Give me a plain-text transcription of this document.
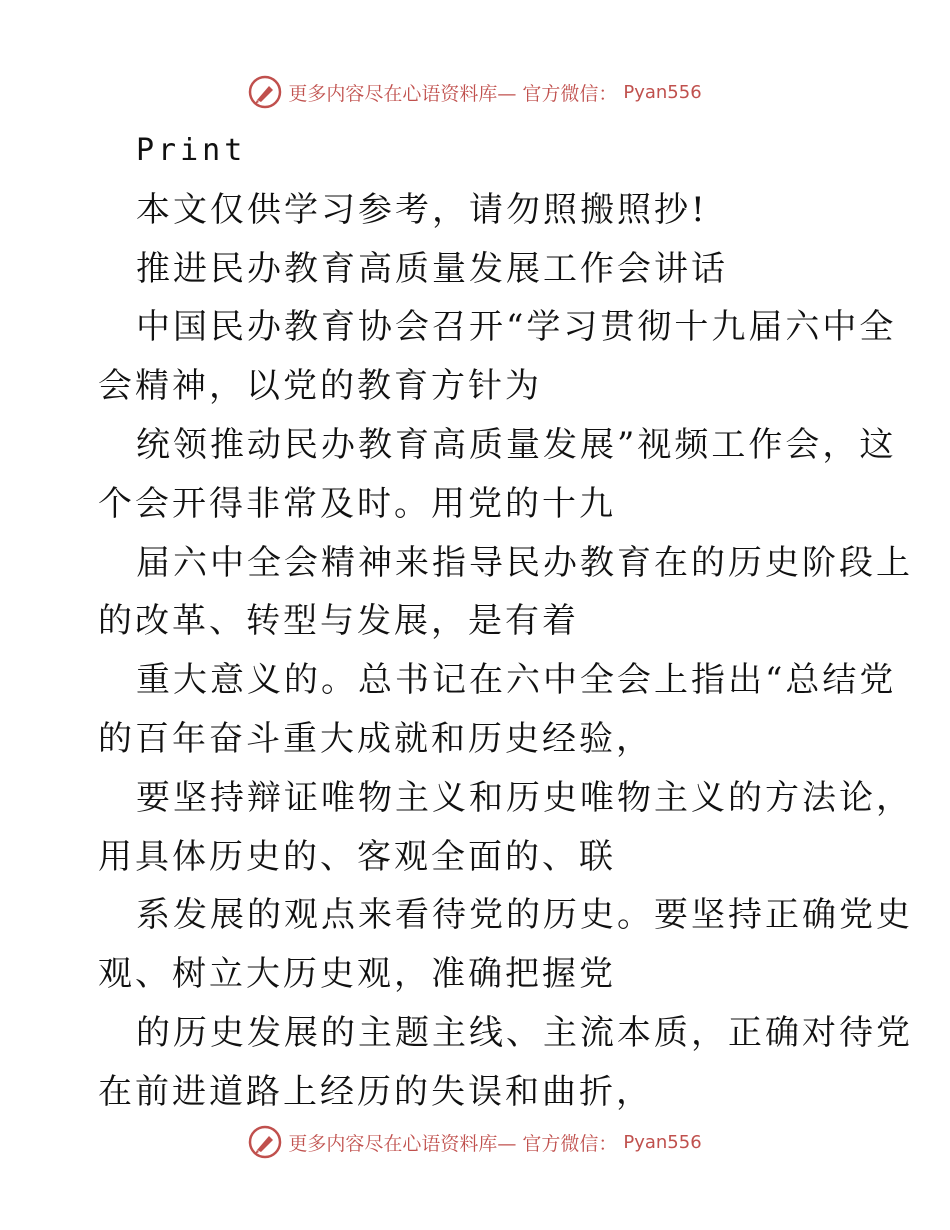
更多内容尽在心语资料库— 官方微信： Pyan556
Print
本文仅供学习参考，请勿照搬照抄!
推进民办教育高质量发展工作会讲话
中国民办教育协会召开“学习贯彻十九届六中全
会精神，以党的教育方针为
统领推动民办教育高质量发展”视频工作会，这
个会开得非常及时。用党的十九
届六中全会精神来指导民办教育在的历史阶段上
的改革、转型与发展，是有着
重大意义的。总书记在六中全会上指出“总结党
的百年奋斗重大成就和历史经验，
要坚持辩证唯物主义和历史唯物主义的方法论，
用具体历史的、客观全面的、联
系发展的观点来看待党的历史。要坚持正确党史
观、树立大历史观，准确把握党
的历史发展的主题主线、主流本质，正确对待党
在前进道路上经历的失误和曲折，
更多内容尽在心语资料库— 官方微信： Pyan556
